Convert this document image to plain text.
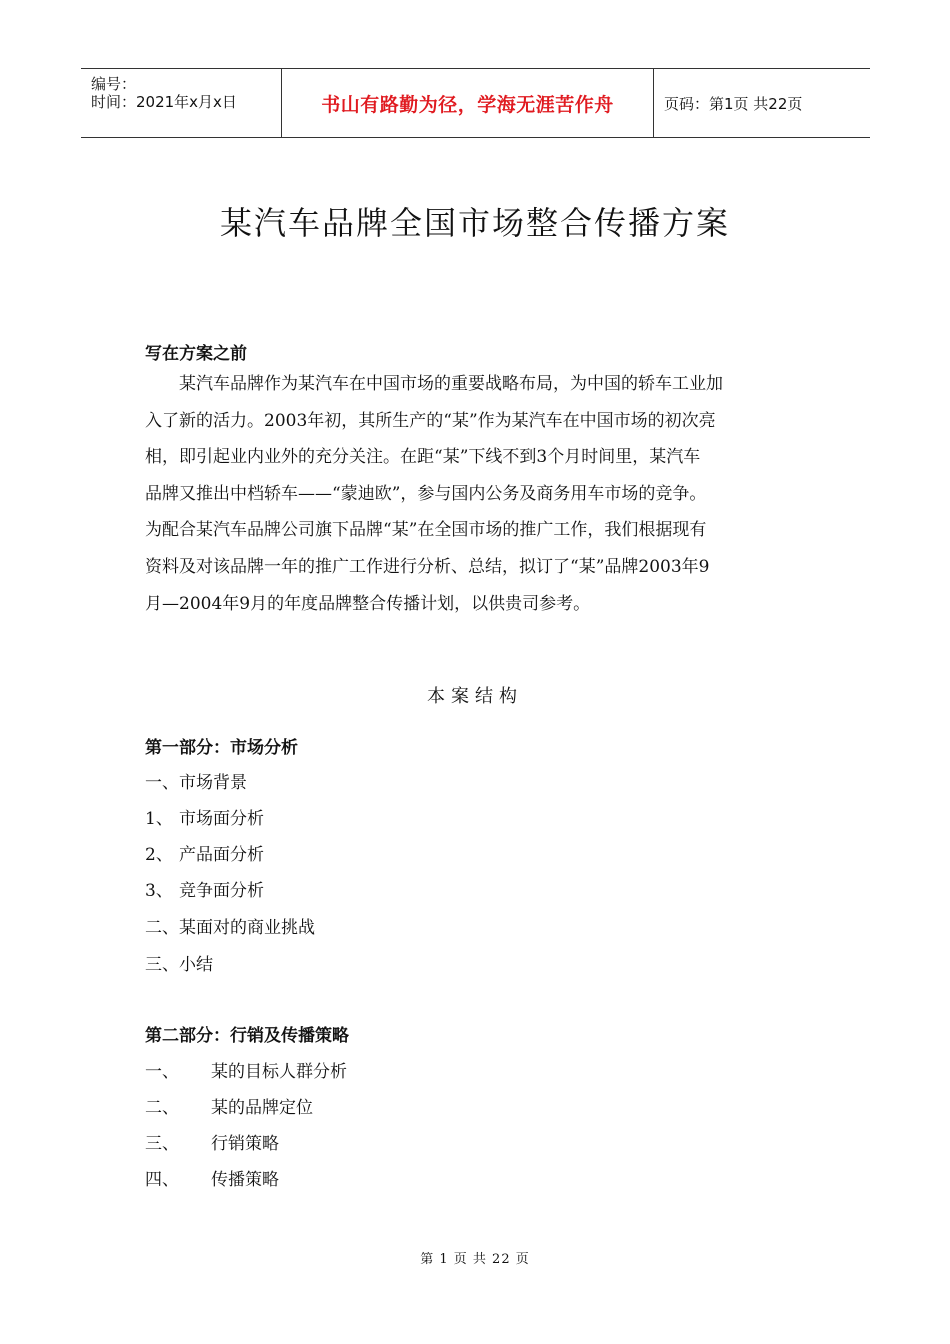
编号：
时间：2021年x月x日	书山有路勤为径，学海无涯苦作舟	页码：第1页 共22页
某汽车品牌全国市场整合传播方案
写在方案之前
某汽车品牌作为某汽车在中国市场的重要战略布局，为中国的轿车工业加
入了新的活力。2003年初，其所生产的“某”作为某汽车在中国市场的初次亮
相，即引起业内业外的充分关注。在距“某”下线不到3个月时间里，某汽车
品牌又推出中档轿车——“蒙迪欧”，参与国内公务及商务用车市场的竞争。
为配合某汽车品牌公司旗下品牌“某”在全国市场的推广工作，我们根据现有
资料及对该品牌一年的推广工作进行分析、总结，拟订了“某”品牌2003年9
月—2004年9月的年度品牌整合传播计划，以供贵司参考。
本案结构
第一部分：市场分析
一、市场背景
1、 市场面分析
2、 产品面分析
3、 竞争面分析
二、某面对的商业挑战
三、小结
第二部分：行销及传播策略
一、 某的目标人群分析
二、 某的品牌定位
三、 行销策略
四、 传播策略
第 1 页 共 22 页
